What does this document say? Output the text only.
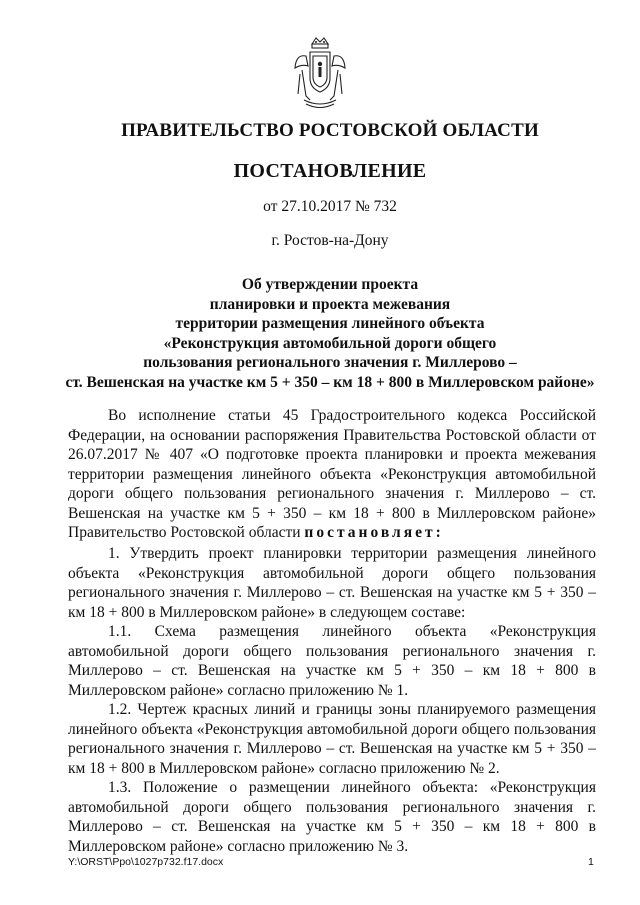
ПРАВИТЕЛЬСТВО РОСТОВСКОЙ ОБЛАСТИ
ПОСТАНОВЛЕНИЕ
от 27.10.2017 № 732
г. Ростов-на-Дону
Об утверждении проекта
планировки и проекта межевания
территории размещения линейного объекта
«Реконструкция автомобильной дороги общего
пользования регионального значения г. Миллерово –
ст. Вешенская на участке км 5 + 350 – км 18 + 800 в Миллеровском районе»

Во исполнение статьи 45 Градостроительного кодекса Российской Федерации, на основании распоряжения Правительства Ростовской области от 26.07.2017 № 407 «О подготовке проекта планировки и проекта межевания территории размещения линейного объекта «Реконструкция автомобильной дороги общего пользования регионального значения г. Миллерово – ст. Вешенская на участке км 5 + 350 – км 18 + 800 в Миллеровском районе» Правительство Ростовской области постановляет:

1. Утвердить проект планировки территории размещения линейного объекта «Реконструкция автомобильной дороги общего пользования регионального значения г. Миллерово – ст. Вешенская на участке км 5 + 350 – км 18 + 800 в Миллеровском районе» в следующем составе:

1.1. Схема размещения линейного объекта «Реконструкция автомобильной дороги общего пользования регионального значения г. Миллерово – ст. Вешенская на участке км 5 + 350 – км 18 + 800 в Миллеровском районе» согласно приложению № 1.

1.2. Чертеж красных линий и границы зоны планируемого размещения линейного объекта «Реконструкция автомобильной дороги общего пользования регионального значения г. Миллерово – ст. Вешенская на участке км 5 + 350 – км 18 + 800 в Миллеровском районе» согласно приложению № 2.

1.3. Положение о размещении линейного объекта: «Реконструкция автомобильной дороги общего пользования регионального значения г. Миллерово – ст. Вешенская на участке км 5 + 350 – км 18 + 800 в Миллеровском районе» согласно приложению № 3.

Y:\ORST\Ppo\1027p732.f17.docx	1
